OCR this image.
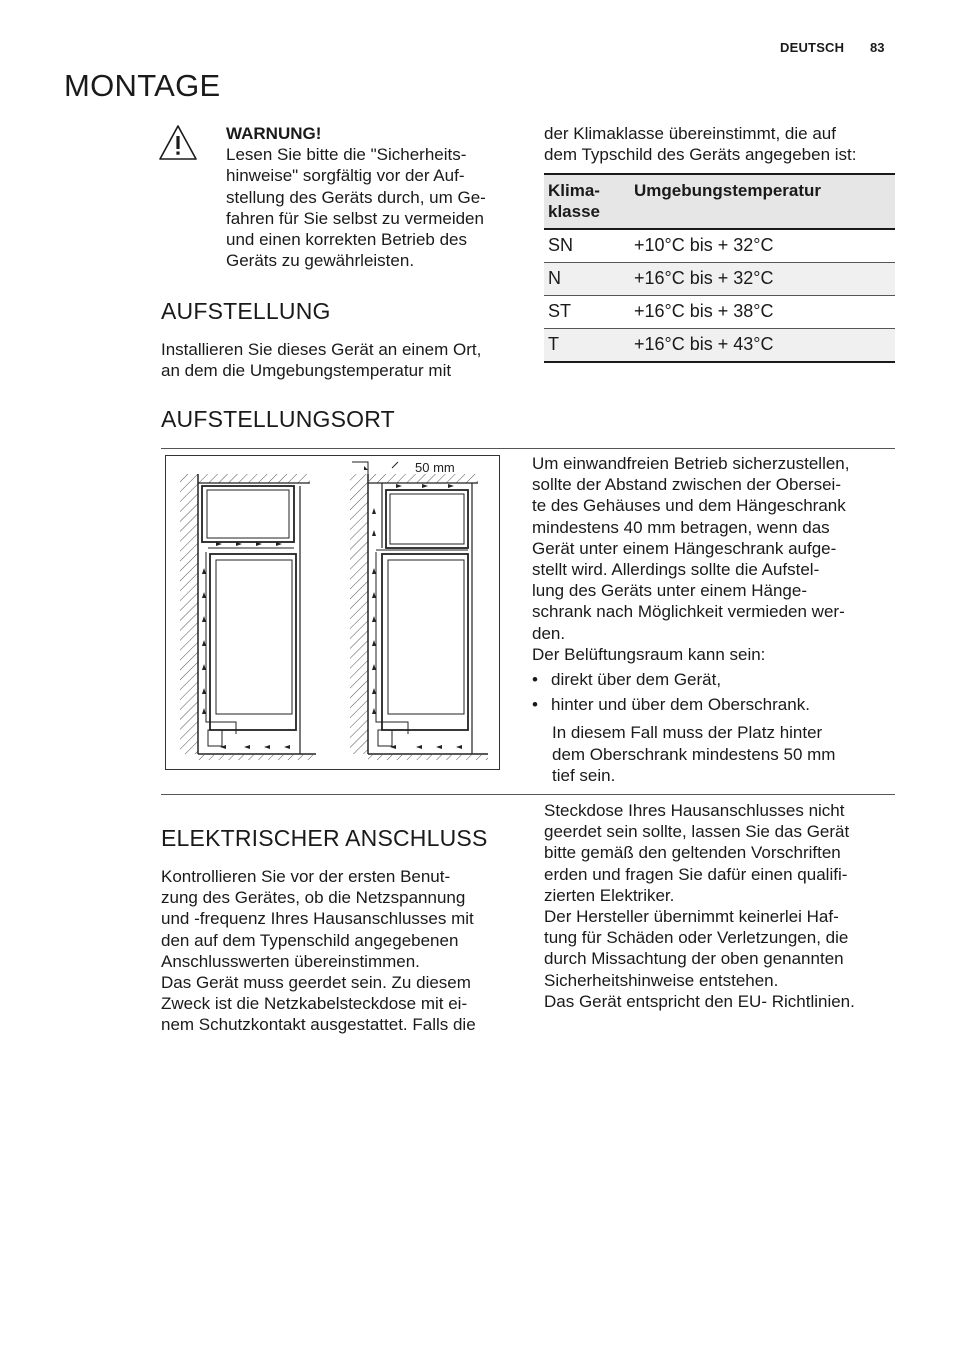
DEUTSCH 83
MONTAGE

WARNUNG!

Lesen Sie bitte die "Sicherheits-

hinweise" sorgfältig vor der Auf-

stellung des Geräts durch, um Ge-

fahren für Sie selbst zu vermeiden

und einen korrekten Betrieb des

Geräts zu gewährleisten.

AUFSTELLUNG

Installieren Sie dieses Gerät an einem Ort,

an dem die Umgebungstemperatur mit

der Klimaklasse übereinstimmt, die auf

dem Typschild des Geräts angegeben ist:

Klima-
klasse	Umgebungstemperatur
SN	+10°C bis + 32°C
N	+16°C bis + 32°C
ST	+16°C bis + 38°C
T	+16°C bis + 43°C
AUFSTELLUNGSORT
50 mm	Um einwandfreien Betrieb sicherzustellen,

sollte der Abstand zwischen der Obersei-

te des Gehäuses und dem Hängeschrank

mindestens 40 mm betragen, wenn das

Gerät unter einem Hängeschrank aufge-

stellt wird. Allerdings sollte die Aufstel-

lung des Geräts unter einem Hänge-

schrank nach Möglichkeit vermieden wer-

den.

Der Belüftungsraum kann sein:

• direkt über dem Gerät,
• hinter und über dem Oberschrank.

In diesem Fall muss der Platz hinter

dem Oberschrank mindestens 50 mm

tief sein.

ELEKTRISCHER ANSCHLUSS

Kontrollieren Sie vor der ersten Benut-

zung des Gerätes, ob die Netzspannung

und -frequenz Ihres Hausanschlusses mit

den auf dem Typenschild angegebenen

Anschlusswerten übereinstimmen.

Das Gerät muss geerdet sein. Zu diesem

Zweck ist die Netzkabelsteckdose mit ei-

nem Schutzkontakt ausgestattet. Falls die

Steckdose Ihres Hausanschlusses nicht

geerdet sein sollte, lassen Sie das Gerät

bitte gemäß den geltenden Vorschriften

erden und fragen Sie dafür einen qualifi-

zierten Elektriker.

Der Hersteller übernimmt keinerlei Haf-

tung für Schäden oder Verletzungen, die

durch Missachtung der oben genannten

Sicherheitshinweise entstehen.

Das Gerät entspricht den EU- Richtlinien.
